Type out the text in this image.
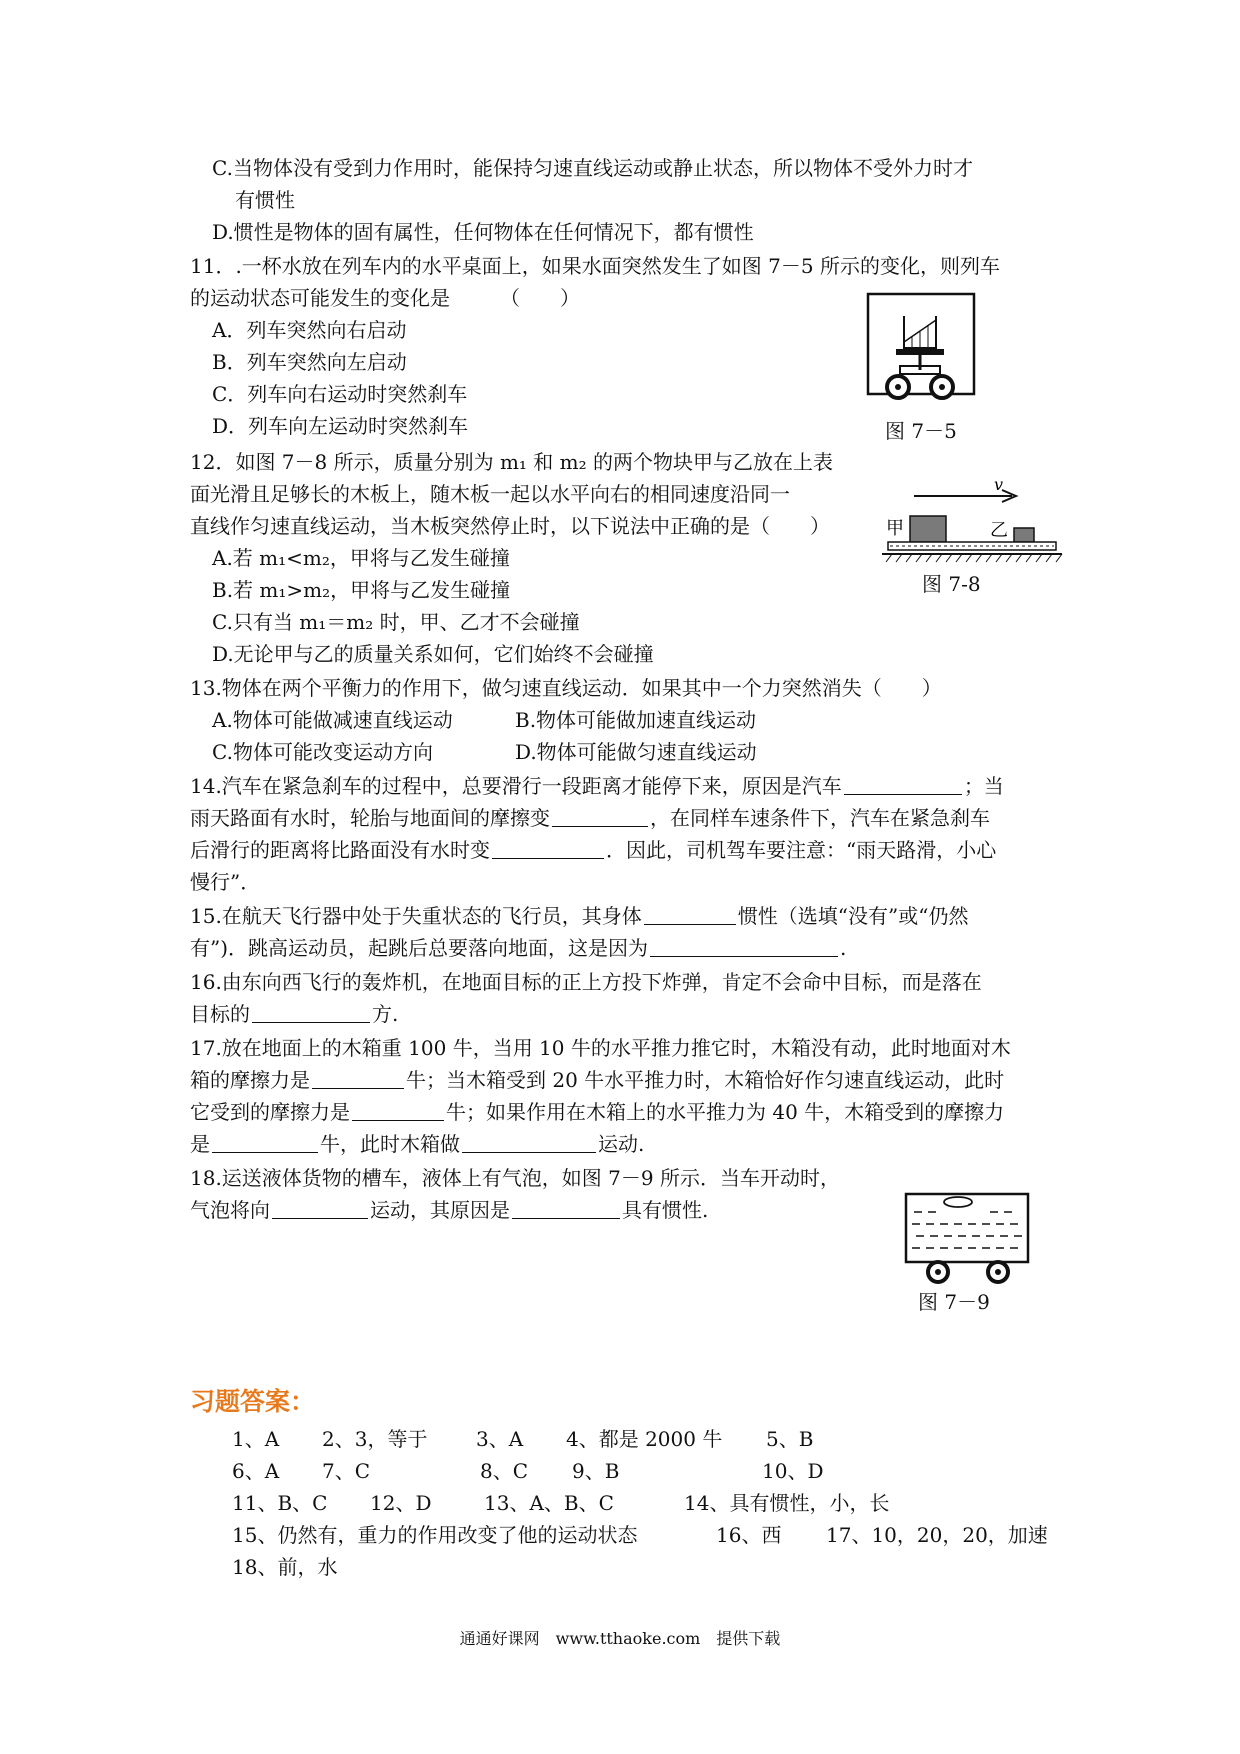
C.当物体没有受到力作用时，能保持匀速直线运动或静止状态，所以物体不受外力时才
有惯性
D.惯性是物体的固有属性，任何物体在任何情况下，都有惯性
11．.一杯水放在列车内的水平桌面上，如果水面突然发生了如图 7－5 所示的变化，则列车
的运动状态可能发生的变化是　　　（　　）
A．列车突然向右启动
B．列车突然向左启动
C．列车向右运动时突然刹车
D．列车向左运动时突然刹车	图 7－5
12．如图 7－8 所示，质量分别为 m₁ 和 m₂ 的两个物块甲与乙放在上表
面光滑且足够长的木板上，随木板一起以水平向右的相同速度沿同一
直线作匀速直线运动，当木板突然停止时，以下说法中正确的是（　　）
A.若 m₁<m₂，甲将与乙发生碰撞
B.若 m₁>m₂，甲将与乙发生碰撞
C.只有当 m₁＝m₂ 时，甲、乙才不会碰撞
D.无论甲与乙的质量关系如何，它们始终不会碰撞
v
甲	乙
图 7-8
13.物体在两个平衡力的作用下，做匀速直线运动．如果其中一个力突然消失（　　）
A.物体可能做减速直线运动	B.物体可能做加速直线运动
C.物体可能改变运动方向	D.物体可能做匀速直线运动
14.汽车在紧急刹车的过程中，总要滑行一段距离才能停下来，原因是汽车	；当
雨天路面有水时，轮胎与地面间的摩擦变	，在同样车速条件下，汽车在紧急刹车
后滑行的距离将比路面没有水时变	．因此，司机驾车要注意：“雨天路滑，小心
慢行”．
15.在航天飞行器中处于失重状态的飞行员，其身体	惯性（选填“没有”或“仍然
有”)．跳高运动员，起跳后总要落向地面，这是因为	.
16.由东向西飞行的轰炸机，在地面目标的正上方投下炸弹，肯定不会命中目标，而是落在
目标的	方.
17.放在地面上的木箱重 100 牛，当用 10 牛的水平推力推它时，木箱没有动，此时地面对木
箱的摩擦力是	牛；当木箱受到 20 牛水平推力时，木箱恰好作匀速直线运动，此时
它受到的摩擦力是	牛；如果作用在木箱上的水平推力为 40 牛，木箱受到的摩擦力
是	牛，此时木箱做	运动.
18.运送液体货物的槽车，液体上有气泡，如图 7－9 所示．当车开动时，
气泡将向	运动，其原因是	具有惯性.
图 7－9
习题答案：
1、A 2、3，等于 3、A 4、都是 2000 牛 5、B
6、A 7、C	8、C 9、B	10、D
11、B、C 12、D	13、A、B、C	14、具有惯性，小，长
15、仍然有，重力的作用改变了他的运动状态	16、西 17、10，20，20，加速
18、前，水
通通好课网　www.tthaoke.com　提供下载
